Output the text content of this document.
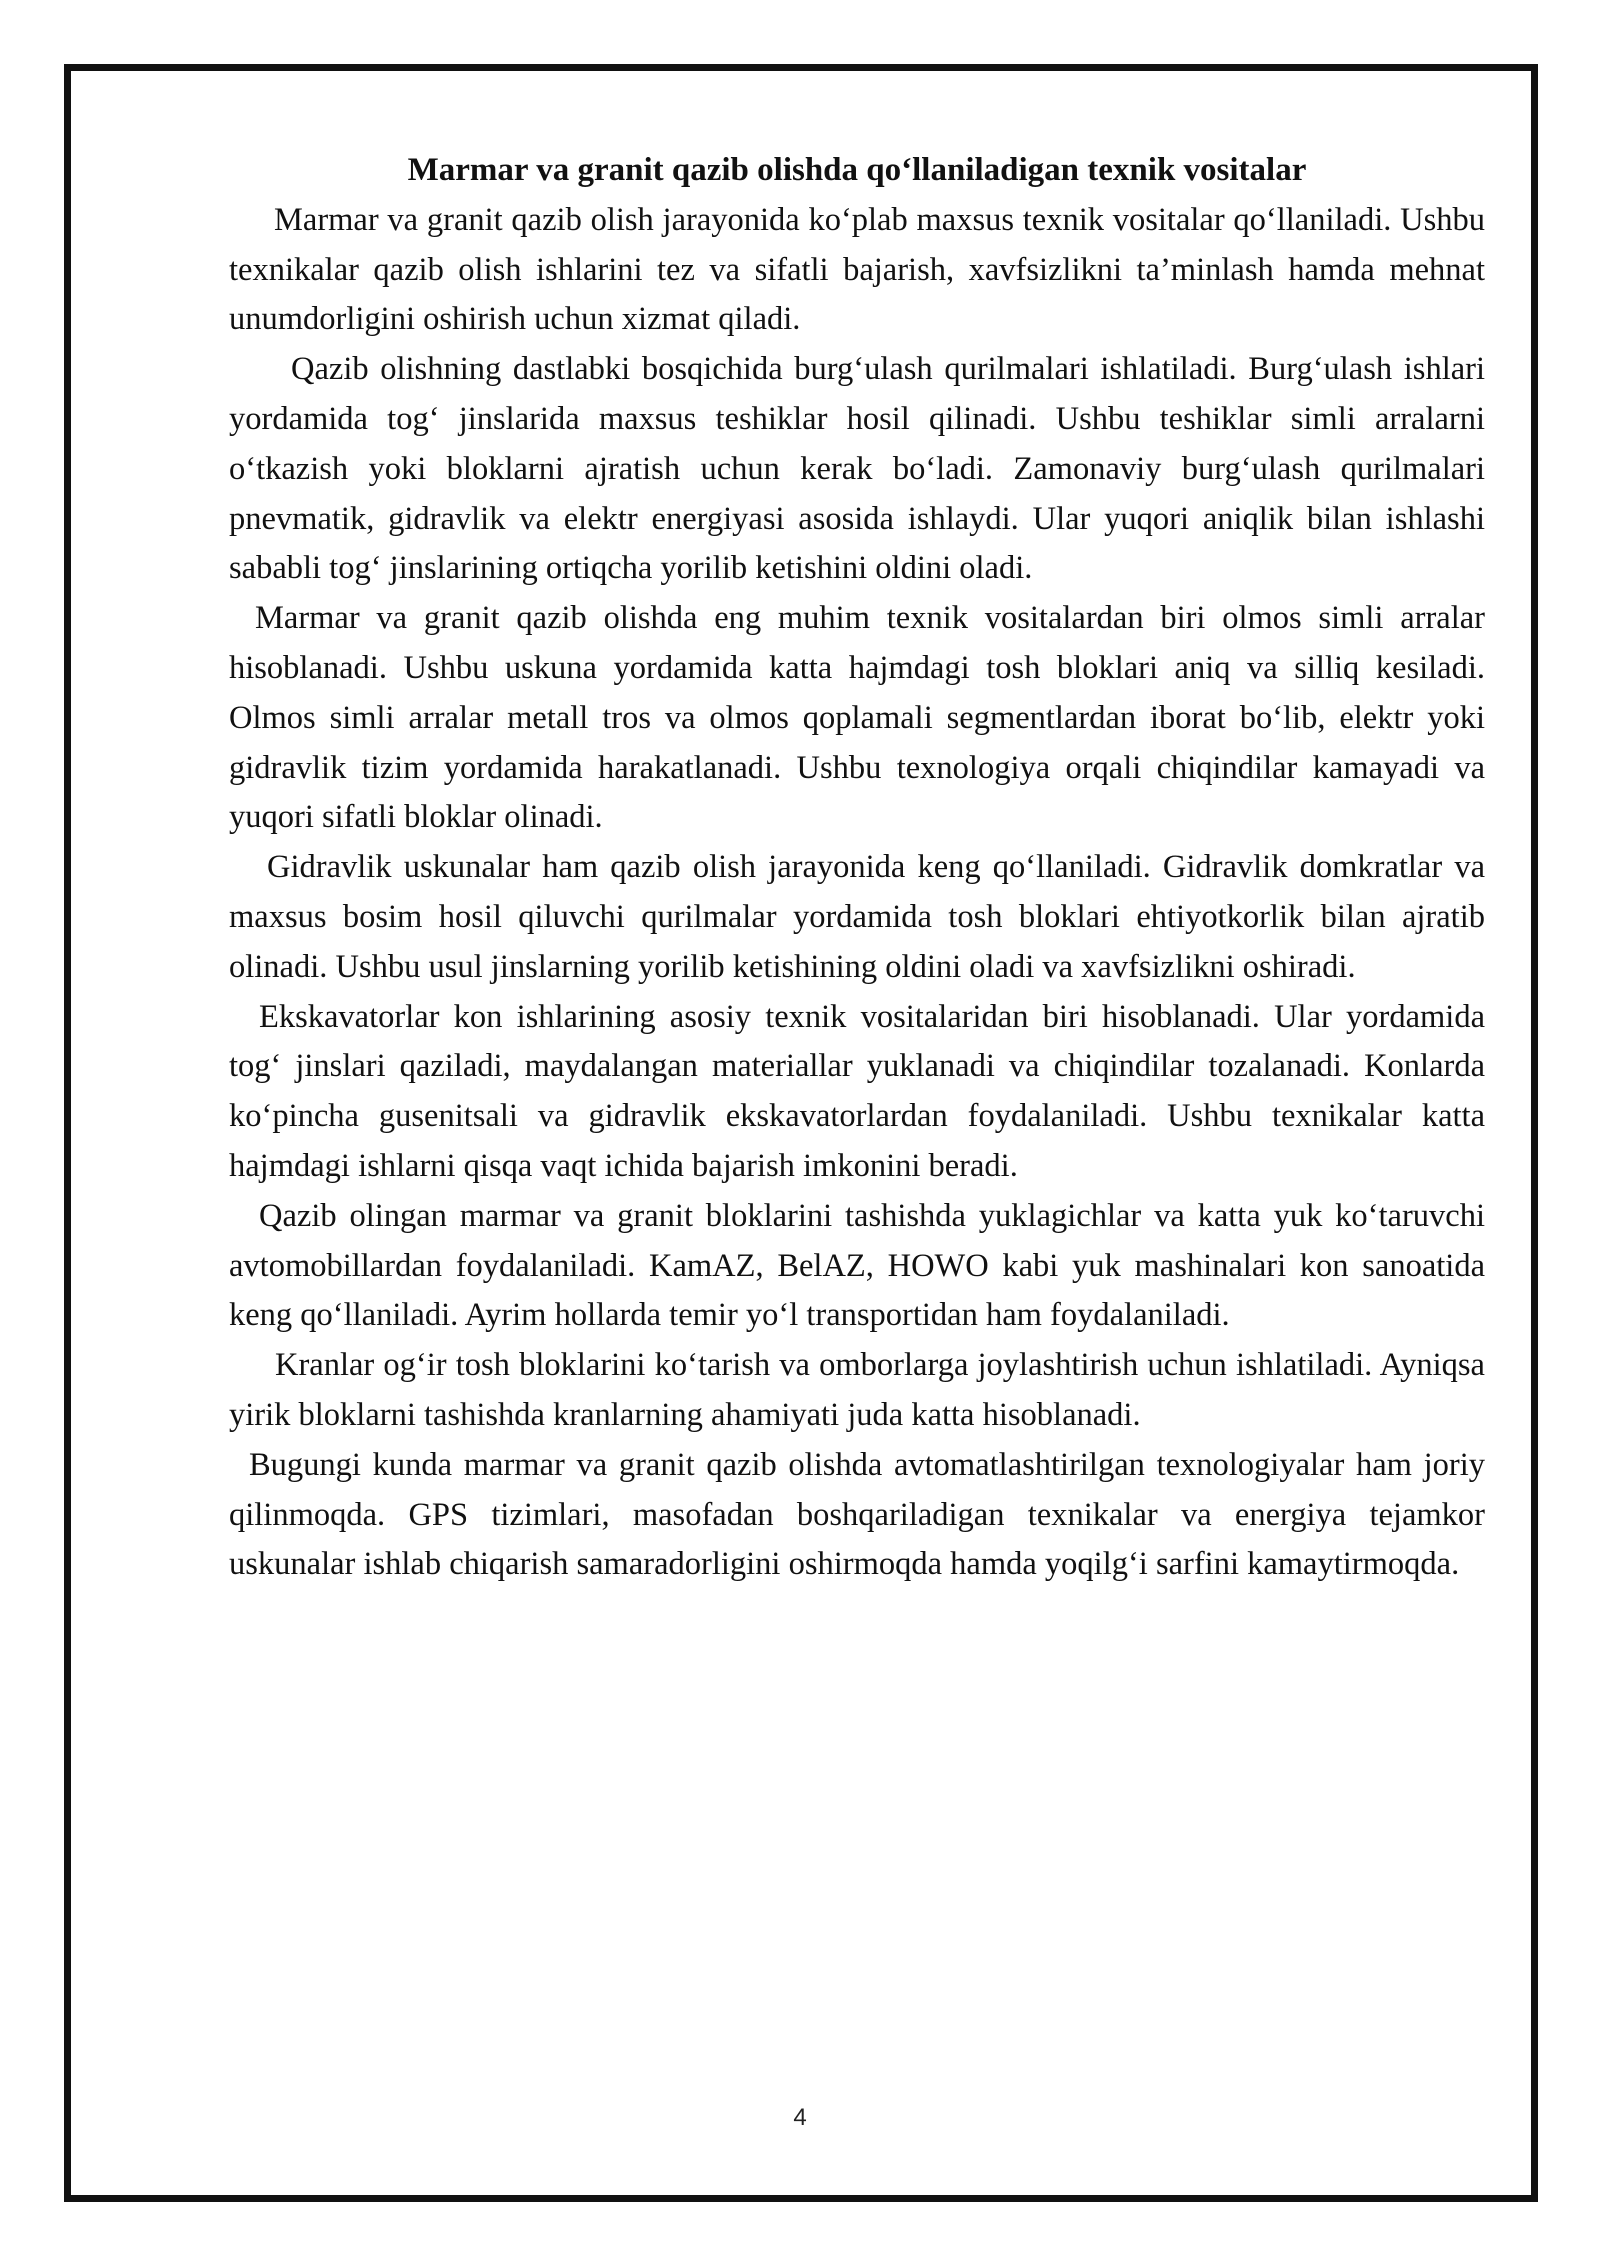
Marmar va granit qazib olishda qo‘llaniladigan texnik vositalar

Marmar va granit qazib olish jarayonida ko‘plab maxsus texnik vositalar qo‘llaniladi. Ushbu texnikalar qazib olish ishlarini tez va sifatli bajarish, xavfsizlikni ta’minlash hamda mehnat unumdorligini oshirish uchun xizmat qiladi.

Qazib olishning dastlabki bosqichida burg‘ulash qurilmalari ishlatiladi. Burg‘ulash ishlari yordamida tog‘ jinslarida maxsus teshiklar hosil qilinadi. Ushbu teshiklar simli arralarni o‘tkazish yoki bloklarni ajratish uchun kerak bo‘ladi. Zamonaviy burg‘ulash qurilmalari pnevmatik, gidravlik va elektr energiyasi asosida ishlaydi. Ular yuqori aniqlik bilan ishlashi sababli tog‘ jinslarining ortiqcha yorilib ketishini oldini oladi.

Marmar va granit qazib olishda eng muhim texnik vositalardan biri olmos simli arralar hisoblanadi. Ushbu uskuna yordamida katta hajmdagi tosh bloklari aniq va silliq kesiladi. Olmos simli arralar metall tros va olmos qoplamali segmentlardan iborat bo‘lib, elektr yoki gidravlik tizim yordamida harakatlanadi. Ushbu texnologiya orqali chiqindilar kamayadi va yuqori sifatli bloklar olinadi.

Gidravlik uskunalar ham qazib olish jarayonida keng qo‘llaniladi. Gidravlik domkratlar va maxsus bosim hosil qiluvchi qurilmalar yordamida tosh bloklari ehtiyotkorlik bilan ajratib olinadi. Ushbu usul jinslarning yorilib ketishining oldini oladi va xavfsizlikni oshiradi.

Ekskavatorlar kon ishlarining asosiy texnik vositalaridan biri hisoblanadi. Ular yordamida tog‘ jinslari qaziladi, maydalangan materiallar yuklanadi va chiqindilar tozalanadi. Konlarda ko‘pincha gusenitsali va gidravlik ekskavatorlardan foydalaniladi. Ushbu texnikalar katta hajmdagi ishlarni qisqa vaqt ichida bajarish imkonini beradi.

Qazib olingan marmar va granit bloklarini tashishda yuklagichlar va katta yuk ko‘taruvchi avtomobillardan foydalaniladi. KamAZ, BelAZ, HOWO kabi yuk mashinalari kon sanoatida keng qo‘llaniladi. Ayrim hollarda temir yo‘l transportidan ham foydalaniladi.

Kranlar og‘ir tosh bloklarini ko‘tarish va omborlarga joylashtirish uchun ishlatiladi. Ayniqsa yirik bloklarni tashishda kranlarning ahamiyati juda katta hisoblanadi.

Bugungi kunda marmar va granit qazib olishda avtomatlashtirilgan texnologiyalar ham joriy qilinmoqda. GPS tizimlari, masofadan boshqariladigan texnikalar va energiya tejamkor uskunalar ishlab chiqarish samaradorligini oshirmoqda hamda yoqilg‘i sarfini kamaytirmoqda.

4
